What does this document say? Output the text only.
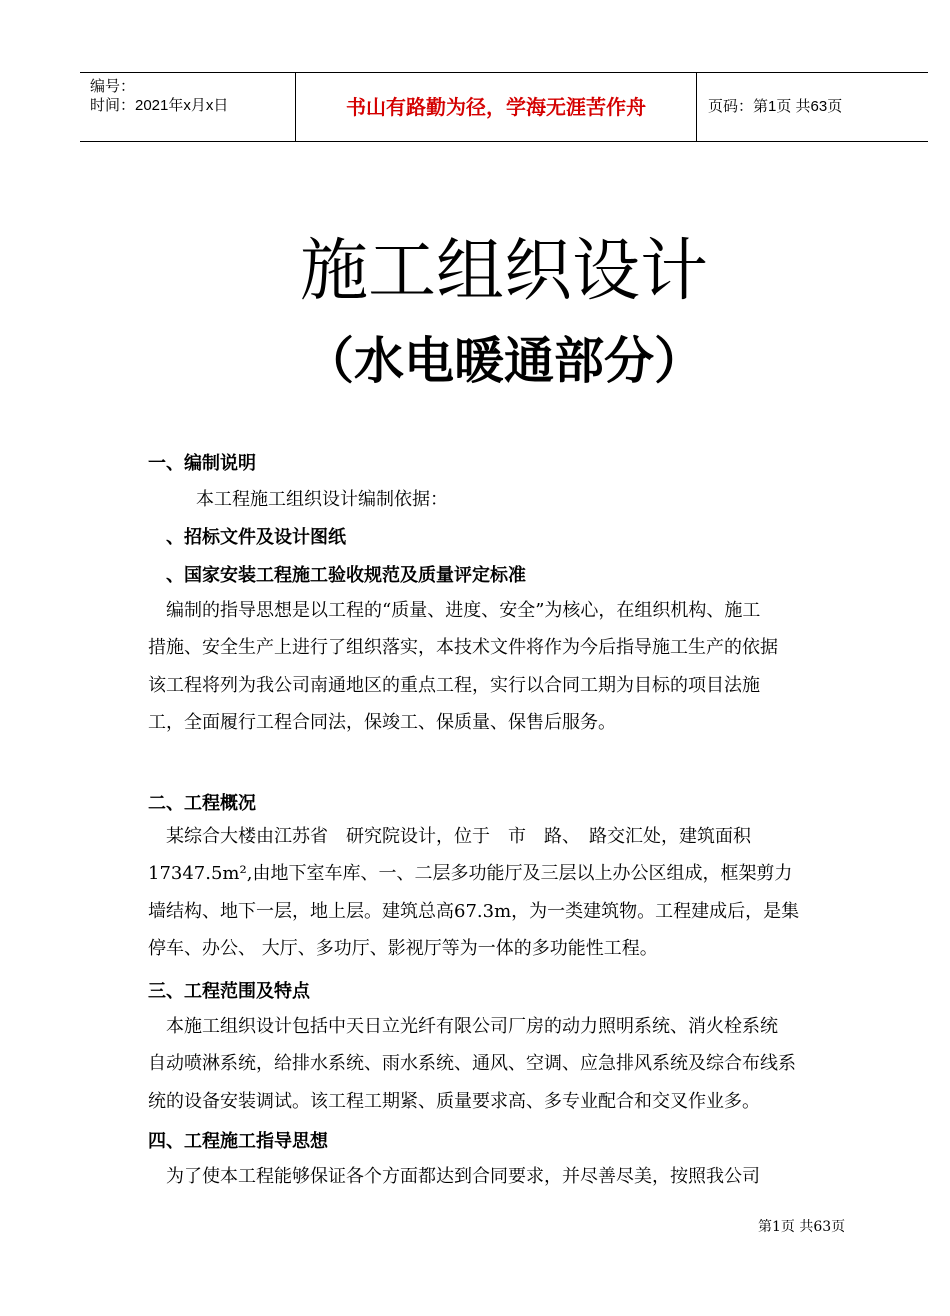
编号：
时间：2021年x月x日	书山有路勤为径，学海无涯苦作舟	页码：第1页 共63页
施工组织设计
（水电暖通部分）
一、编制说明
本工程施工组织设计编制依据：
、招标文件及设计图纸
、国家安装工程施工验收规范及质量评定标准
编制的指导思想是以工程的“质量、进度、安全”为核心，在组织机构、施工
措施、安全生产上进行了组织落实，本技术文件将作为今后指导施工生产的依据
该工程将列为我公司南通地区的重点工程，实行以合同工期为目标的项目法施
工，全面履行工程合同法，保竣工、保质量、保售后服务。
二、工程概况
某综合大楼由江苏省　研究院设计，位于　市　路、　路交汇处，建筑面积
17347.5m²,由地下室车库、一、二层多功能厅及三层以上办公区组成，框架剪力
墙结构、地下一层，地上层。建筑总高67.3m，为一类建筑物。工程建成后，是集
停车、办公、 大厅、多功厅、影视厅等为一体的多功能性工程。
三、工程范围及特点
本施工组织设计包括中天日立光纤有限公司厂房的动力照明系统、消火栓系统
自动喷淋系统，给排水系统、雨水系统、通风、空调、应急排风系统及综合布线系
统的设备安装调试。该工程工期紧、质量要求高、多专业配合和交叉作业多。
四、工程施工指导思想
为了使本工程能够保证各个方面都达到合同要求，并尽善尽美，按照我公司
第1页 共63页
